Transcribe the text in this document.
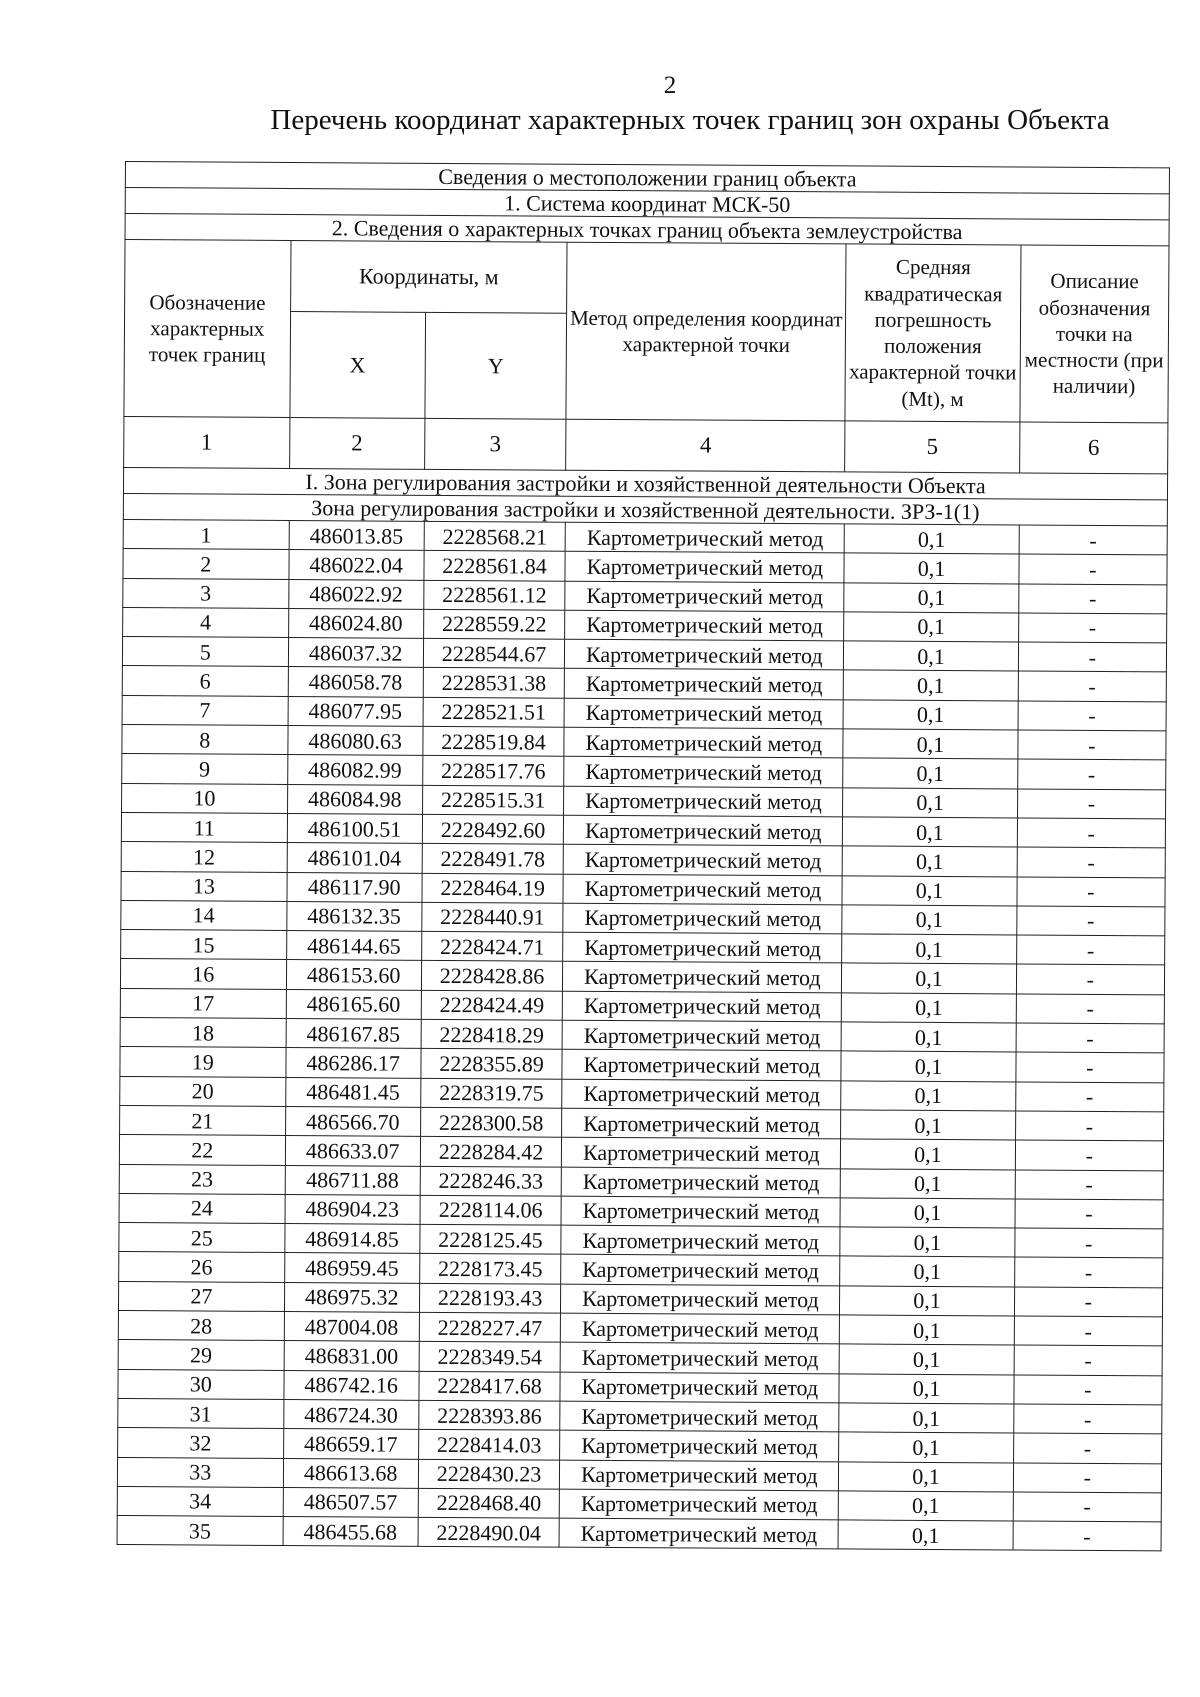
2
Перечень координат характерных точек границ зон охраны Объекта
Сведения о местоположении границ объекта					
1. Система координат МСК-50					
2. Сведения о характерных точках границ объекта землеустройства					
Обозначение характерных точек границ	Координаты, м		Метод определения координат характерной точки	Средняя квадратическая погрешность положения характерной точки (Mt), м	Описание обозначения точки на местности (при наличии)
	X	Y			
1	2	3	4	5	6
I. Зона регулирования застройки и хозяйственной деятельности Объекта					
Зона регулирования застройки и хозяйственной деятельности. ЗРЗ-1(1)					
1	486013.85	2228568.21	Картометрический метод	0,1	-
2	486022.04	2228561.84	Картометрический метод	0,1	-
3	486022.92	2228561.12	Картометрический метод	0,1	-
4	486024.80	2228559.22	Картометрический метод	0,1	-
5	486037.32	2228544.67	Картометрический метод	0,1	-
6	486058.78	2228531.38	Картометрический метод	0,1	-
7	486077.95	2228521.51	Картометрический метод	0,1	-
8	486080.63	2228519.84	Картометрический метод	0,1	-
9	486082.99	2228517.76	Картометрический метод	0,1	-
10	486084.98	2228515.31	Картометрический метод	0,1	-
11	486100.51	2228492.60	Картометрический метод	0,1	-
12	486101.04	2228491.78	Картометрический метод	0,1	-
13	486117.90	2228464.19	Картометрический метод	0,1	-
14	486132.35	2228440.91	Картометрический метод	0,1	-
15	486144.65	2228424.71	Картометрический метод	0,1	-
16	486153.60	2228428.86	Картометрический метод	0,1	-
17	486165.60	2228424.49	Картометрический метод	0,1	-
18	486167.85	2228418.29	Картометрический метод	0,1	-
19	486286.17	2228355.89	Картометрический метод	0,1	-
20	486481.45	2228319.75	Картометрический метод	0,1	-
21	486566.70	2228300.58	Картометрический метод	0,1	-
22	486633.07	2228284.42	Картометрический метод	0,1	-
23	486711.88	2228246.33	Картометрический метод	0,1	-
24	486904.23	2228114.06	Картометрический метод	0,1	-
25	486914.85	2228125.45	Картометрический метод	0,1	-
26	486959.45	2228173.45	Картометрический метод	0,1	-
27	486975.32	2228193.43	Картометрический метод	0,1	-
28	487004.08	2228227.47	Картометрический метод	0,1	-
29	486831.00	2228349.54	Картометрический метод	0,1	-
30	486742.16	2228417.68	Картометрический метод	0,1	-
31	486724.30	2228393.86	Картометрический метод	0,1	-
32	486659.17	2228414.03	Картометрический метод	0,1	-
33	486613.68	2228430.23	Картометрический метод	0,1	-
34	486507.57	2228468.40	Картометрический метод	0,1	-
35	486455.68	2228490.04	Картометрический метод	0,1	-
